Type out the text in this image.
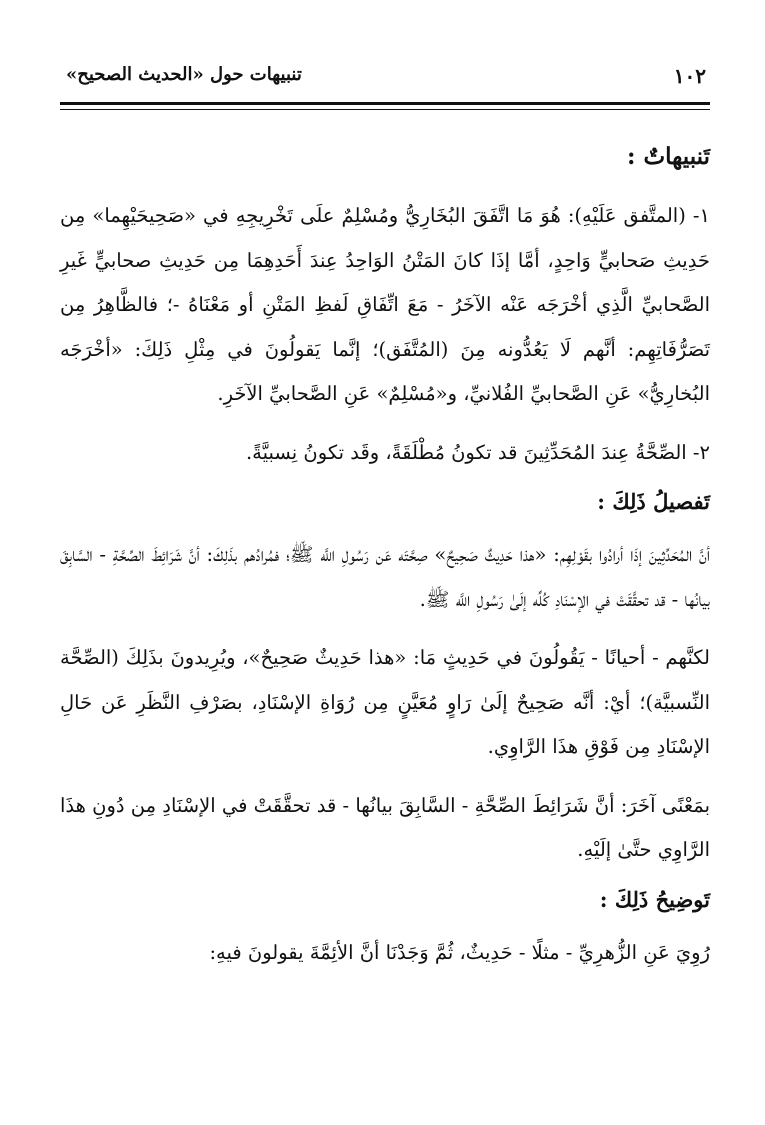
١٠٢
تنبيهات حول «الحديث الصحيح»
تَنبيهاتٌ :

١- (المتَّفق عَلَيْهِ): هُوَ مَا اتَّفَقَ البُخَارِيُّ ومُسْلِمٌ علَى تَخْرِيجِهِ في «صَحِيحَيْهِما» مِن حَدِيثِ صَحابيٍّ وَاحِدٍ، أمَّا إذَا كانَ المَتْنُ الوَاحِدُ عِندَ أَحَدِهِمَا مِن حَدِيثِ صحابيٍّ غَيرِ الصَّحابيِّ الَّذِي أخْرَجَه عَنْه الآخَرُ - مَعَ اتِّفَاقِ لَفظِ المَتْنِ أو مَعْنَاهُ -؛ فالظَّاهِرُ مِن تَصَرُّفَاتِهِم: أنَّهم لَا يَعُدُّونه مِنَ (المُتَّفَق)؛ إنَّما يَقولُونَ في مِثْلِ ذَلِكَ: «أخْرَجَه البُخارِيُّ» عَنِ الصَّحابيِّ الفُلانيِّ، و«مُسْلِمٌ» عَنِ الصَّحابيِّ الآخَرِ.

٢- الصِّحَّةُ عِندَ المُحَدِّثِينَ قد تكونُ مُطْلَقَةً، وقَد تكونُ نِسبيَّةً.

تَفصيلُ ذَلِكَ :

أنَّ المُحَدِّثِينَ إذَا أرادُوا بقَوْلِهِم: «هذا حَدِيثٌ صَحِيحٌ» صِحَّتَه عَن رَسُولِ اللَّه ﷺ؛ فمُرادُهم بذَلِكَ: أنَّ شَرَائِطَ الصِّحَّةِ - السَّابِقَ بيانُها - قد تحقَّقَتْ في الإسْنَادِ كُلِّه إلَىٰ رَسُولِ اللَّه ﷺ.

لكنَّهم - أحيانًا - يَقُولُونَ في حَدِيثٍ مَا: «هذا حَدِيثٌ صَحِيحٌ»، ويُرِيدونَ بذَلِكَ (الصِّحَّة النِّسبيَّة)؛ أيْ: أنَّه صَحِيحٌ إلَىٰ رَاوٍ مُعَيَّنٍ مِن رُوَاةِ الإسْنَادِ، بصَرْفِ النَّظَرِ عَن حَالِ الإسْنَادِ مِن فَوْقِ هذَا الرَّاوِي.

بمَعْنًى آخَرَ: أنَّ شَرَائِطَ الصِّحَّةِ - السَّابِقَ بيانُها - قد تحقَّقَتْ في الإسْنَادِ مِن دُونِ هذَا الرَّاوِي حتَّىٰ إلَيْهِ.

تَوضِيحُ ذَلِكَ :

رُوِيَ عَنِ الزُّهرِيِّ - مثلًا - حَدِيثٌ، ثُمَّ وَجَدْنَا أنَّ الأئِمَّةَ يقولونَ فيهِ:
